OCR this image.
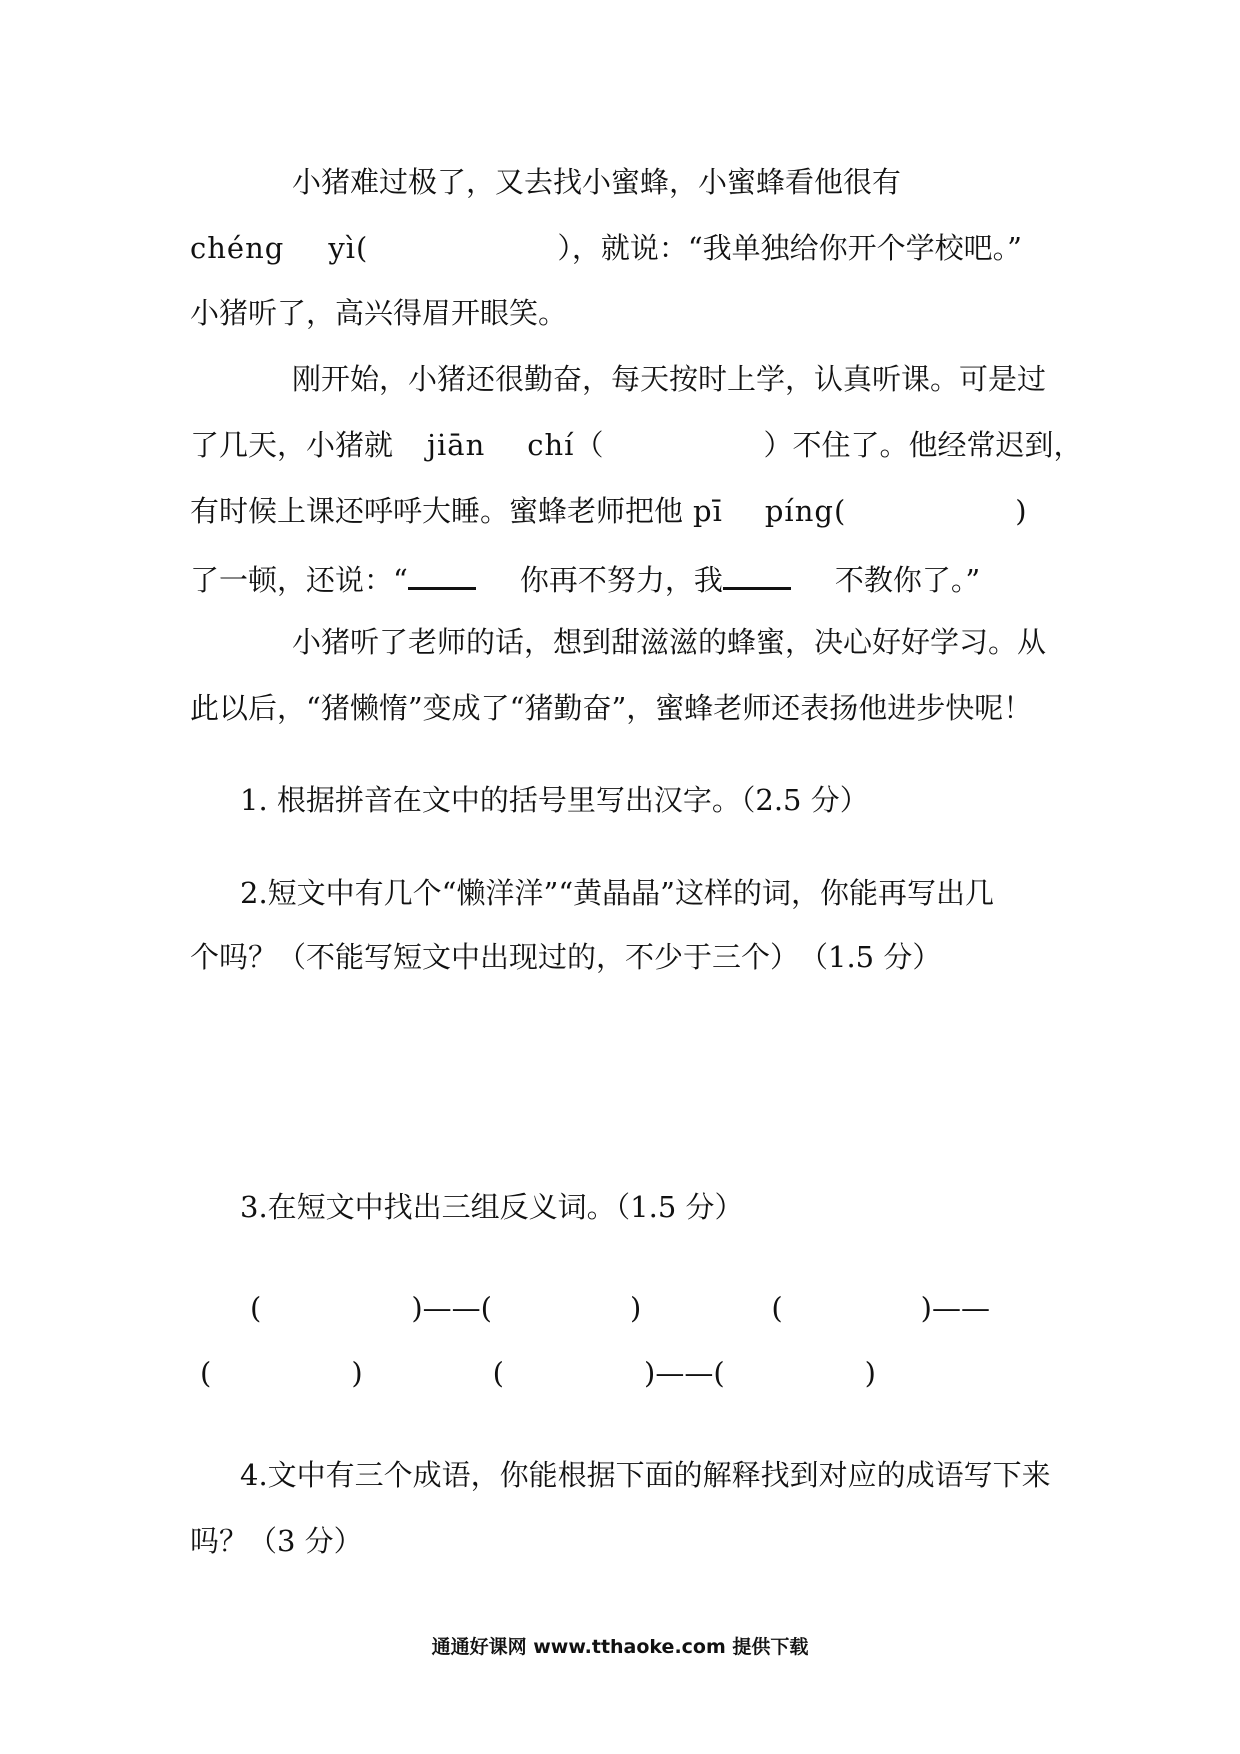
小猪难过极了，又去找小蜜蜂，小蜜蜂看他很有
chéng yì(	），就说：“我单独给你开个学校吧。”
小猪听了，高兴得眉开眼笑。
刚开始，小猪还很勤奋，每天按时上学，认真听课。可是过
了几天，小猪就 jiān chí（	）不住了。他经常迟到，
有时候上课还呼呼大睡。蜜蜂老师把他 pī píng(	)
了一顿，还说：“	你再不努力，我	不教你了。”
小猪听了老师的话，想到甜滋滋的蜂蜜，决心好好学习。从
此以后，“猪懒惰”变成了“猪勤奋”，蜜蜂老师还表扬他进步快呢！
1. 根据拼音在文中的括号里写出汉字。（2.5 分）
2.短文中有几个“懒洋洋”“黄晶晶”这样的词，你能再写出几
个吗？（不能写短文中出现过的，不少于三个）　（1.5 分）
3.在短文中找出三组反义词。（1.5 分）
(	)——(	)	(	)——
(	)	(	)——(	)
4.文中有三个成语，你能根据下面的解释找到对应的成语写下来
吗？（3 分）
通通好课网 www.tthaoke.com 提供下载
